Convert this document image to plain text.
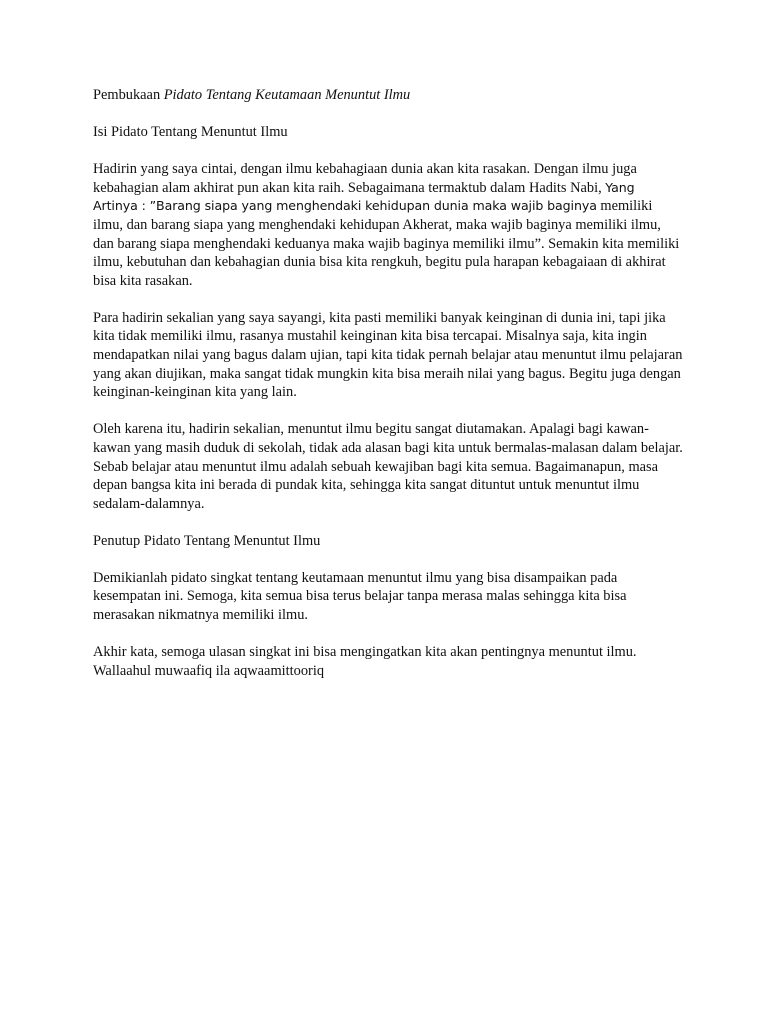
Pembukaan Pidato Tentang Keutamaan Menuntut Ilmu

Isi Pidato Tentang Menuntut Ilmu

Hadirin yang saya cintai, dengan ilmu kebahagiaan dunia akan kita rasakan. Dengan ilmu juga kebahagian alam akhirat pun akan kita raih. Sebagaimana termaktub dalam Hadits Nabi, Yang Artinya : ”Barang siapa yang menghendaki kehidupan dunia maka wajib baginya memiliki ilmu, dan barang siapa yang menghendaki kehidupan Akherat, maka wajib baginya memiliki ilmu, dan barang siapa menghendaki keduanya maka wajib baginya memiliki ilmu”. Semakin kita memiliki ilmu, kebutuhan dan kebahagian dunia bisa kita rengkuh, begitu pula harapan kebagaiaan di akhirat bisa kita rasakan.

Para hadirin sekalian yang saya sayangi, kita pasti memiliki banyak keinginan di dunia ini, tapi jika kita tidak memiliki ilmu, rasanya mustahil keinginan kita bisa tercapai. Misalnya saja, kita ingin mendapatkan nilai yang bagus dalam ujian, tapi kita tidak pernah belajar atau menuntut ilmu pelajaran yang akan diujikan, maka sangat tidak mungkin kita bisa meraih nilai yang bagus. Begitu juga dengan keinginan-keinginan kita yang lain.

Oleh karena itu, hadirin sekalian, menuntut ilmu begitu sangat diutamakan. Apalagi bagi kawan-kawan yang masih duduk di sekolah, tidak ada alasan bagi kita untuk bermalas-malasan dalam belajar. Sebab belajar atau menuntut ilmu adalah sebuah kewajiban bagi kita semua. Bagaimanapun, masa depan bangsa kita ini berada di pundak kita, sehingga kita sangat dituntut untuk menuntut ilmu sedalam-dalamnya.

Penutup Pidato Tentang Menuntut Ilmu

Demikianlah pidato singkat tentang keutamaan menuntut ilmu yang bisa disampaikan pada kesempatan ini. Semoga, kita semua bisa terus belajar tanpa merasa malas sehingga kita bisa merasakan nikmatnya memiliki ilmu.

Akhir kata, semoga ulasan singkat ini bisa mengingatkan kita akan pentingnya menuntut ilmu. Wallaahul muwaafiq ila aqwaamittooriq
